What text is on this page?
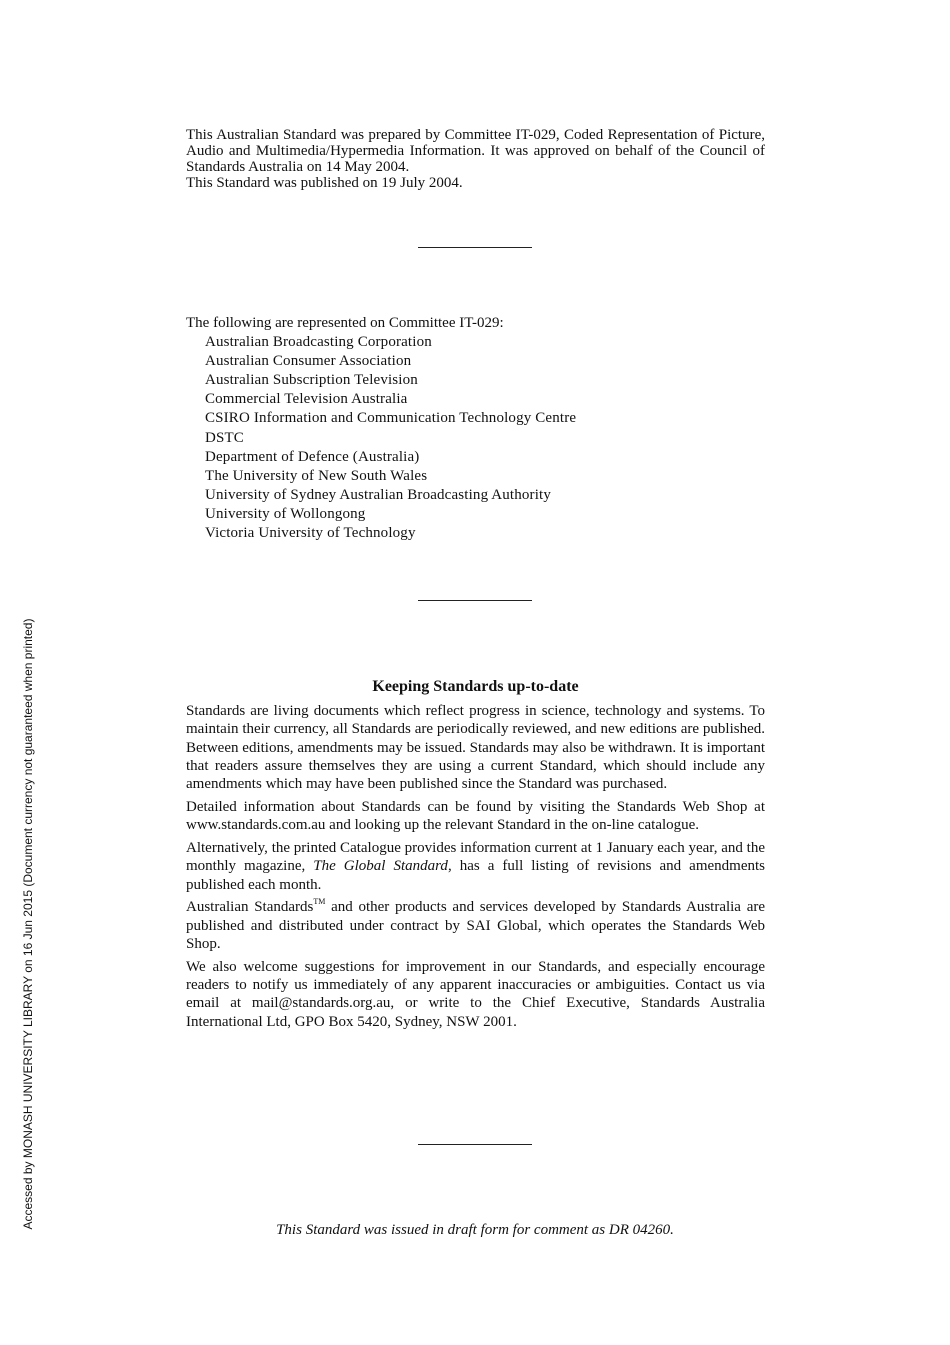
This Australian Standard was prepared by Committee IT-029, Coded Representation of Picture, Audio and Multimedia/Hypermedia Information. It was approved on behalf of the Council of Standards Australia on 14 May 2004.

This Standard was published on 19 July 2004.

The following are represented on Committee IT-029:

Australian Broadcasting Corporation
Australian Consumer Association
Australian Subscription Television
Commercial Television Australia
CSIRO Information and Communication Technology Centre
DSTC
Department of Defence (Australia)
The University of New South Wales
University of Sydney Australian Broadcasting Authority
University of Wollongong
Victoria University of Technology
Keeping Standards up-to-date

Standards are living documents which reflect progress in science, technology and systems. To maintain their currency, all Standards are periodically reviewed, and new editions are published. Between editions, amendments may be issued. Standards may also be withdrawn. It is important that readers assure themselves they are using a current Standard, which should include any amendments which may have been published since the Standard was purchased.

Detailed information about Standards can be found by visiting the Standards Web Shop at www.standards.com.au and looking up the relevant Standard in the on-line catalogue.

Alternatively, the printed Catalogue provides information current at 1 January each year, and the monthly magazine, The Global Standard, has a full listing of revisions and amendments published each month.

Australian Standards™ and other products and services developed by Standards Australia are published and distributed under contract by SAI Global, which operates the Standards Web Shop.

We also welcome suggestions for improvement in our Standards, and especially encourage readers to notify us immediately of any apparent inaccuracies or ambiguities. Contact us via email at mail@standards.org.au, or write to the Chief Executive, Standards Australia International Ltd, GPO Box 5420, Sydney, NSW 2001.

This Standard was issued in draft form for comment as DR 04260.
Accessed by MONASH UNIVERSITY LIBRARY on 16 Jun 2015 (Document currency not guaranteed when printed)
